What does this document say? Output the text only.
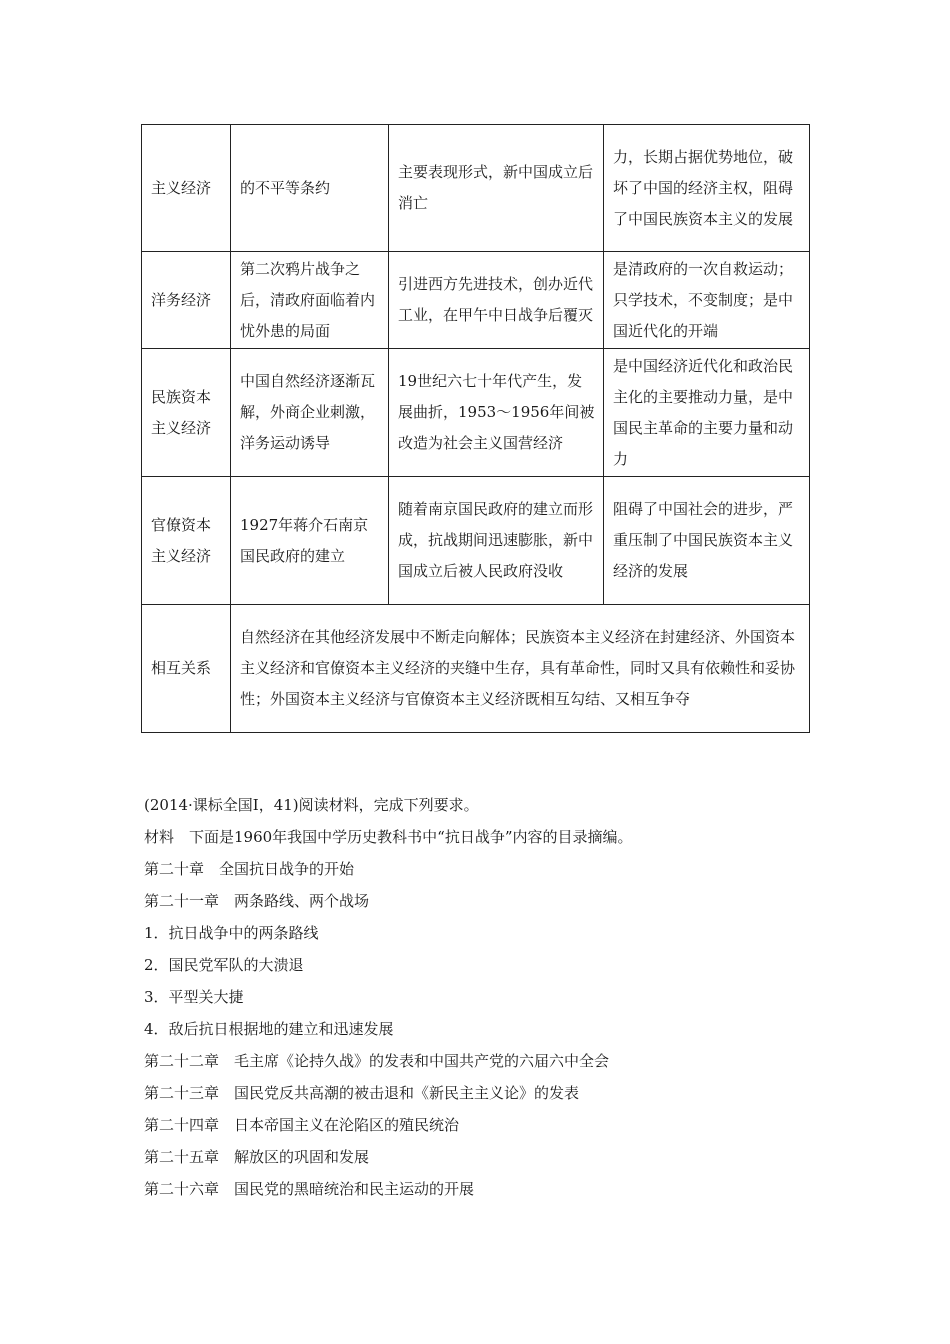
主义经济	的不平等条约	主要表现形式，新中国成立后消亡	力，长期占据优势地位，破坏了中国的经济主权，阻碍了中国民族资本主义的发展
洋务经济	第二次鸦片战争之后，清政府面临着内忧外患的局面	引进西方先进技术，创办近代工业，在甲午中日战争后覆灭	是清政府的一次自救运动；只学技术，不变制度；是中国近代化的开端
民族资本主义经济	中国自然经济逐渐瓦解，外商企业刺激，洋务运动诱导	19世纪六七十年代产生，发展曲折，1953～1956年间被改造为社会主义国营经济	是中国经济近代化和政治民主化的主要推动力量，是中国民主革命的主要力量和动力
官僚资本主义经济	1927年蒋介石南京国民政府的建立	随着南京国民政府的建立而形成，抗战期间迅速膨胀，新中国成立后被人民政府没收	阻碍了中国社会的进步，严重压制了中国民族资本主义经济的发展
相互关系	自然经济在其他经济发展中不断走向解体；民族资本主义经济在封建经济、外国资本主义经济和官僚资本主义经济的夹缝中生存，具有革命性，同时又具有依赖性和妥协性；外国资本主义经济与官僚资本主义经济既相互勾结、又相互争夺		

(2014·课标全国Ⅰ，41)阅读材料，完成下列要求。

材料　下面是1960年我国中学历史教科书中“抗日战争”内容的目录摘编。

第二十章　全国抗日战争的开始

第二十一章　两条路线、两个战场

1．抗日战争中的两条路线

2．国民党军队的大溃退

3．平型关大捷

4．敌后抗日根据地的建立和迅速发展

第二十二章　毛主席《论持久战》的发表和中国共产党的六届六中全会

第二十三章　国民党反共高潮的被击退和《新民主主义论》的发表

第二十四章　日本帝国主义在沦陷区的殖民统治

第二十五章　解放区的巩固和发展

第二十六章　国民党的黑暗统治和民主运动的开展
